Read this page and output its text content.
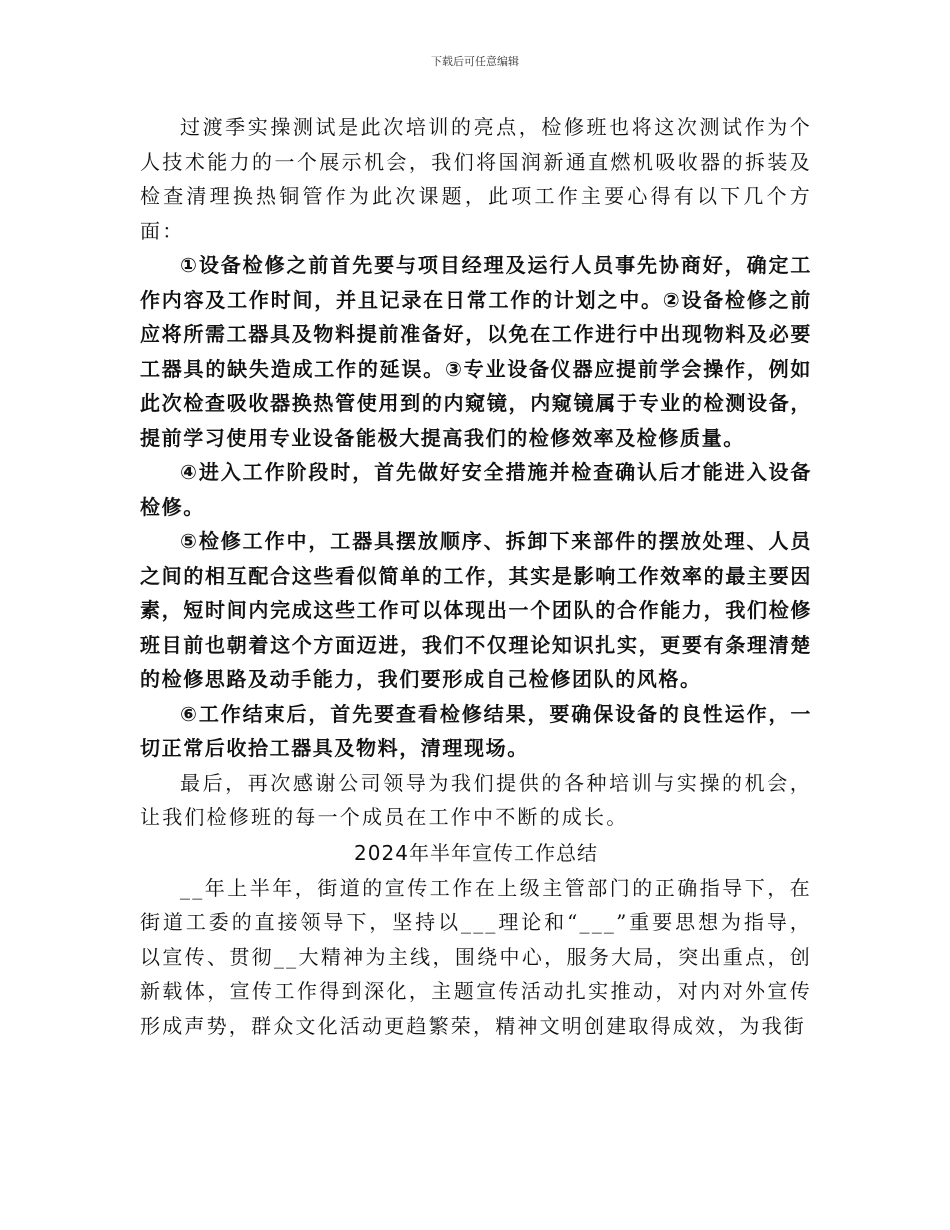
下载后可任意编辑

过渡季实操测试是此次培训的亮点，检修班也将这次测试作为个人技术能力的一个展示机会，我们将国润新通直燃机吸收器的拆装及检查清理换热铜管作为此次课题，此项工作主要心得有以下几个方面：

①设备检修之前首先要与项目经理及运行人员事先协商好，确定工作内容及工作时间，并且记录在日常工作的计划之中。②设备检修之前应将所需工器具及物料提前准备好，以免在工作进行中出现物料及必要工器具的缺失造成工作的延误。③专业设备仪器应提前学会操作，例如此次检查吸收器换热管使用到的内窥镜，内窥镜属于专业的检测设备，提前学习使用专业设备能极大提高我们的检修效率及检修质量。

④进入工作阶段时，首先做好安全措施并检查确认后才能进入设备检修。

⑤检修工作中，工器具摆放顺序、拆卸下来部件的摆放处理、人员之间的相互配合这些看似简单的工作，其实是影响工作效率的最主要因素，短时间内完成这些工作可以体现出一个团队的合作能力，我们检修班目前也朝着这个方面迈进，我们不仅理论知识扎实，更要有条理清楚的检修思路及动手能力，我们要形成自己检修团队的风格。

⑥工作结束后，首先要查看检修结果，要确保设备的良性运作，一切正常后收拾工器具及物料，清理现场。

最后，再次感谢公司领导为我们提供的各种培训与实操的机会，让我们检修班的每一个成员在工作中不断的成长。

2024年半年宣传工作总结

__年上半年，街道的宣传工作在上级主管部门的正确指导下，在街道工委的直接领导下，坚持以___理论和“___”重要思想为指导，以宣传、贯彻__大精神为主线，围绕中心，服务大局，突出重点，创新载体，宣传工作得到深化，主题宣传活动扎实推动，对内对外宣传形成声势，群众文化活动更趋繁荣，精神文明创建取得成效，为我街
